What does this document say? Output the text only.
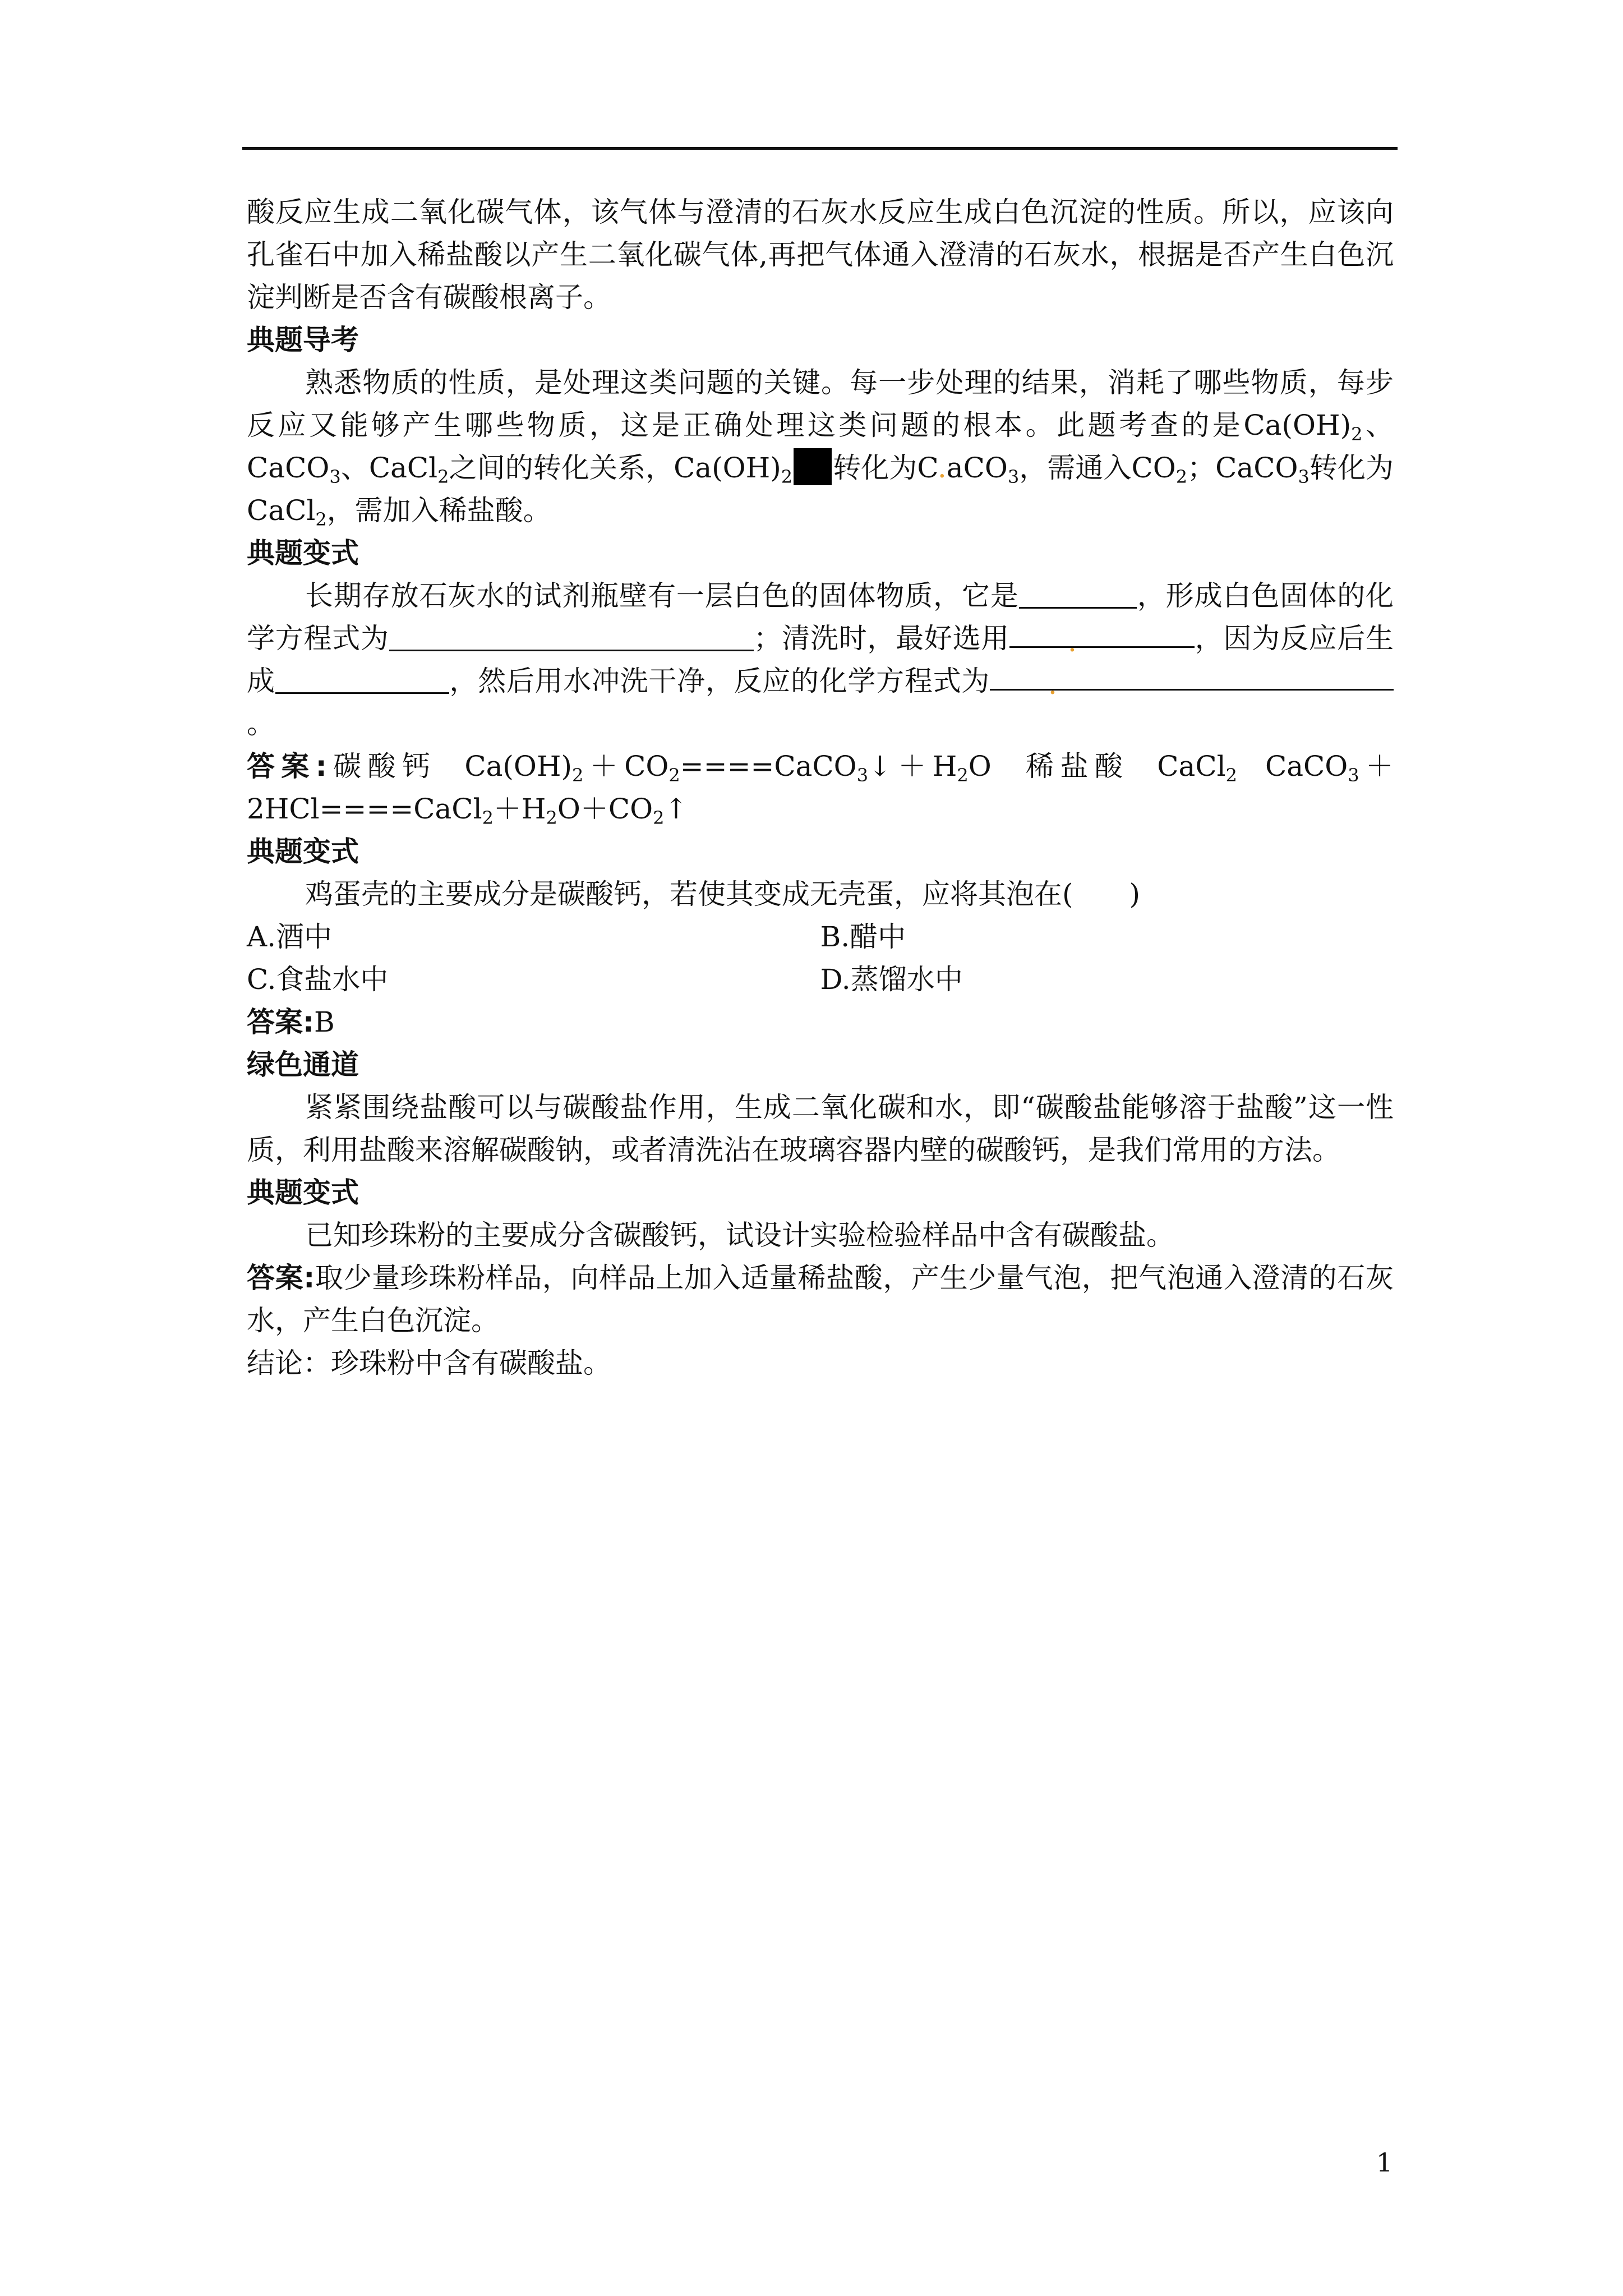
酸反应生成二氧化碳气体，该气体与澄清的石灰水反应生成白色沉淀的性质。所以，应该向孔雀石中加入稀盐酸以产生二氧化碳气体,再把气体通入澄清的石灰水，根据是否产生白色沉淀判断是否含有碳酸根离子。

典题导考

熟悉物质的性质，是处理这类问题的关键。每一步处理的结果，消耗了哪些物质，每步反应又能够产生哪些物质，这是正确处理这类问题的根本。此题考查的是$Ca(OH)_2$、CaCO$_3$、CaCl$_2$之间的转化关系，$Ca(OH)_2$ 转化为C.aCO$_3$，需通入$CO_2$；CaCO$_3$转化为CaCl$_2$，需加入稀盐酸。

典题变式

长期存放石灰水的试剂瓶壁有一层白色的固体物质，它是	，形成白色固体的化学方程式为	；清洗时，最好选用 .	，因为反应后生成	，然后用水冲洗干净，反应的化学方程式为 .。

答案:碳酸钙 $Ca(OH)_2+CO_2====CaCO_3↓+H_2O$ 稀盐酸 CaCl$_2$ $CaCO_3+2HCl====CaCl_2+H_2O+CO_2↑$

典题变式

鸡蛋壳的主要成分是碳酸钙，若使其变成无壳蛋，应将其泡在(　　)

A.酒中	B.醋中
C.食盐水中	D.蒸馏水中

答案:B

绿色通道

紧紧围绕盐酸可以与碳酸盐作用，生成二氧化碳和水，即“碳酸盐能够溶于盐酸”这一性质，利用盐酸来溶解碳酸钠，或者清洗沾在玻璃容器内壁的碳酸钙，是我们常用的方法。

典题变式

已知珍珠粉的主要成分含碳酸钙，试设计实验检验样品中含有碳酸盐。

答案:取少量珍珠粉样品，向样品上加入适量稀盐酸，产生少量气泡，把气泡通入澄清的石灰水，产生白色沉淀。

结论：珍珠粉中含有碳酸盐。

1
